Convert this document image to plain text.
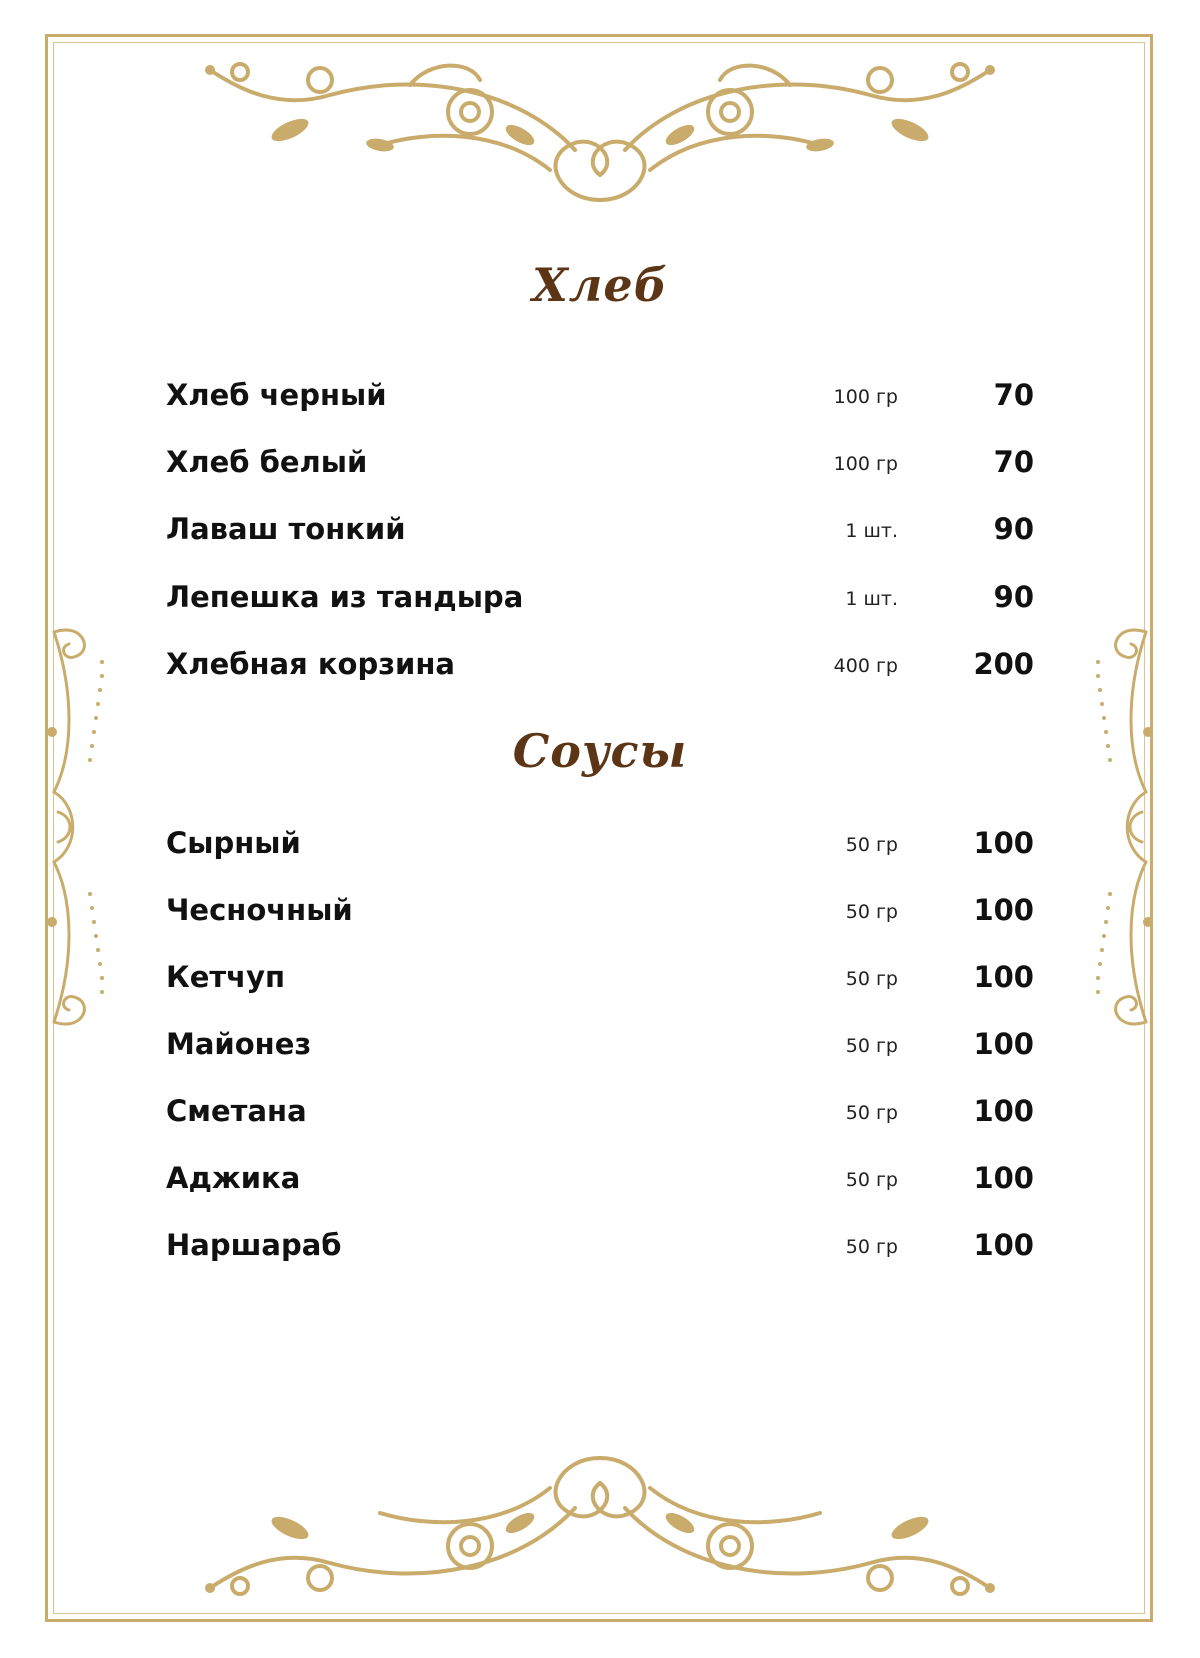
Хлеб
Хлеб черный	100 гр	70
Хлеб белый	100 гр	70
Лаваш тонкий	1 шт.	90
Лепешка из тандыра	1 шт.	90
Хлебная корзина	400 гр	200
Соусы
Сырный	50 гр	100
Чесночный	50 гр	100
Кетчуп	50 гр	100
Майонез	50 гр	100
Сметана	50 гр	100
Аджика	50 гр	100
Наршараб	50 гр	100
